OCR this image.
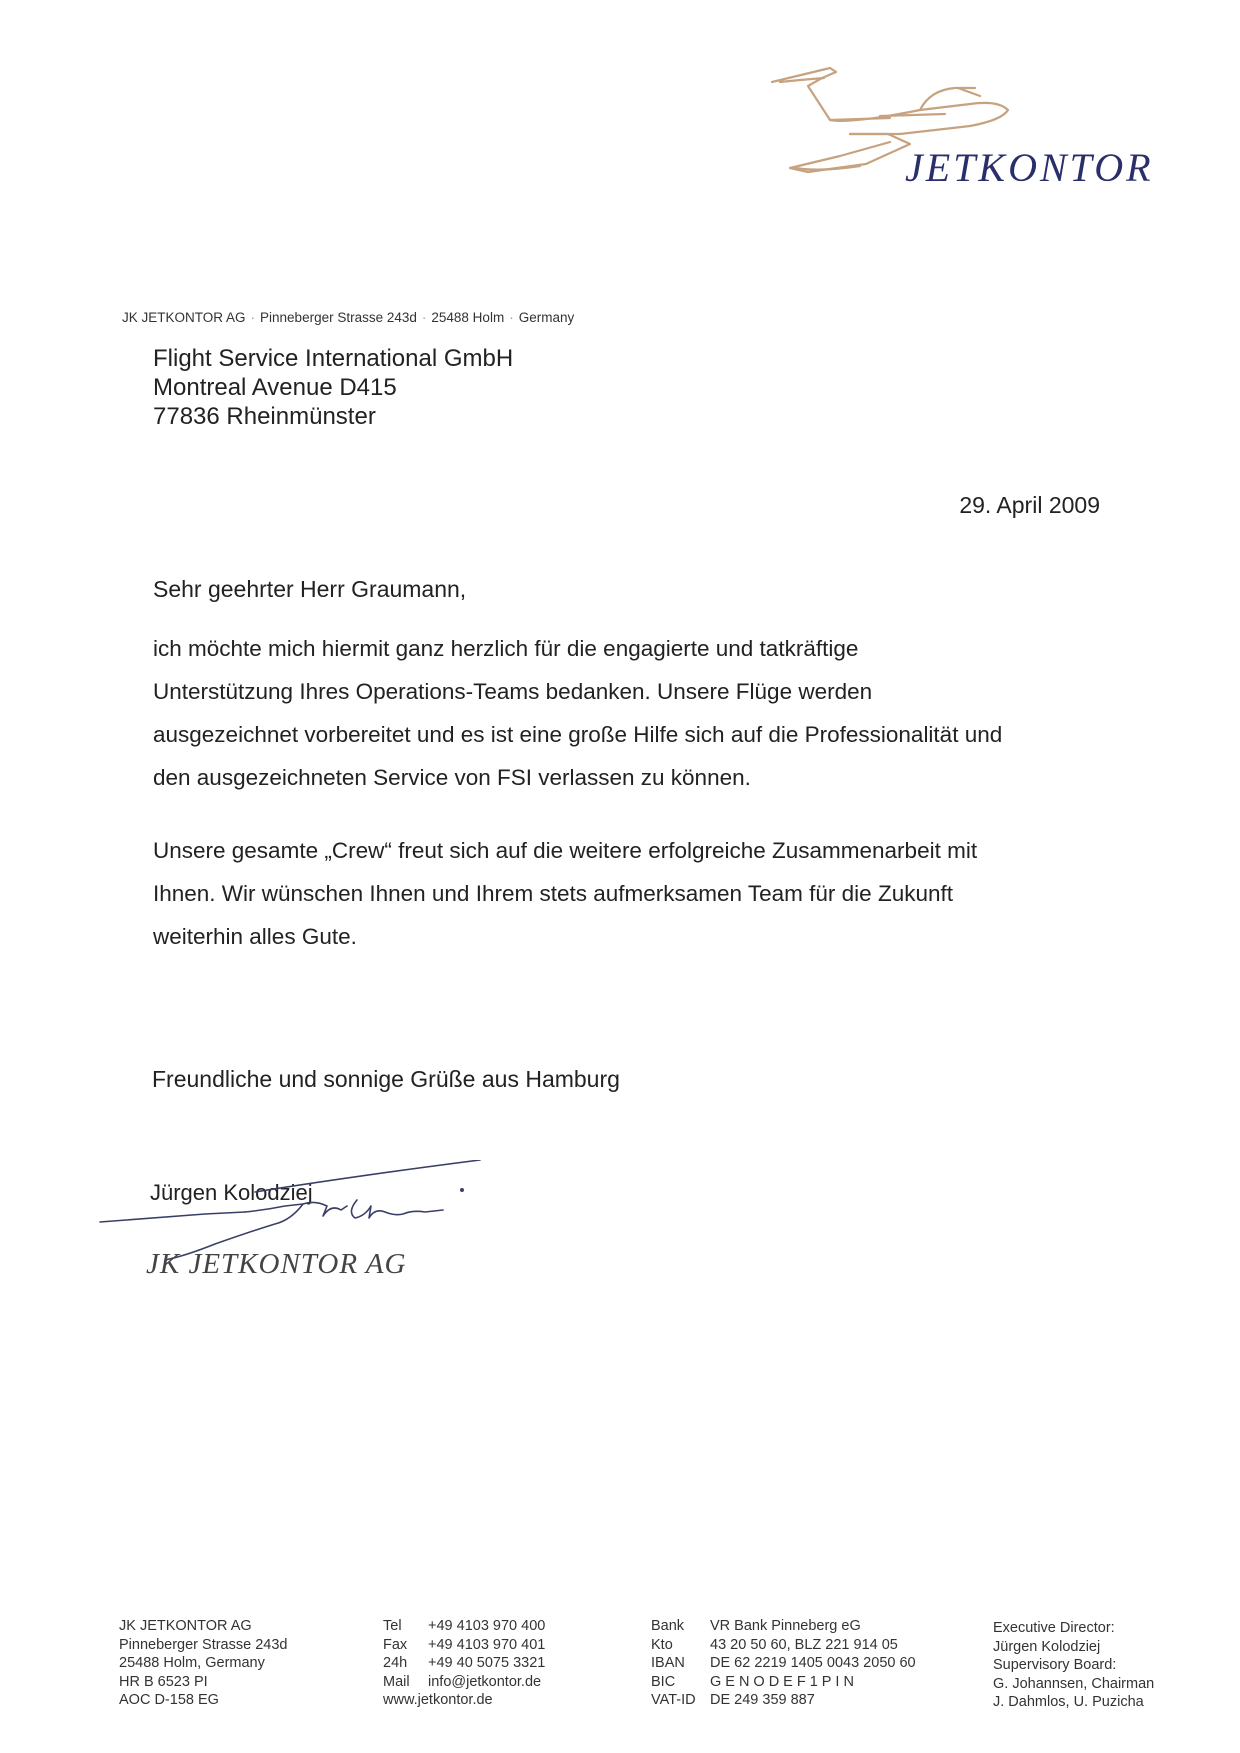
JETKONTOR
JK JETKONTOR AG · Pinneberger Strasse 243d · 25488 Holm · Germany
Flight Service International GmbH
Montreal Avenue D415
77836 Rheinmünster
29. April 2009
Sehr geehrter Herr Graumann,

ich möchte mich hiermit ganz herzlich für die engagierte und tatkräftige
Unterstützung Ihres Operations-Teams bedanken. Unsere Flüge werden
ausgezeichnet vorbereitet und es ist eine große Hilfe sich auf die Professionalität und
den ausgezeichneten Service von FSI verlassen zu können.

Unsere gesamte „Crew“ freut sich auf die weitere erfolgreiche Zusammenarbeit mit
Ihnen. Wir wünschen Ihnen und Ihrem stets aufmerksamen Team für die Zukunft
weiterhin alles Gute.

Freundliche und sonnige Grüße aus Hamburg
Jürgen Kolodziej
JK JETKONTOR AG
JK JETKONTOR AG
Pinneberger Strasse 243d
25488 Holm, Germany
HR B 6523 PI
AOC D-158 EG
Tel	+49 4103 970 400
Fax	+49 4103 970 401
24h	+49 40 5075 3321
Mail	info@jetkontor.de
www.jetkontor.de
Bank	VR Bank Pinneberg eG
Kto	43 20 50 60, BLZ 221 914 05
IBAN	DE 62 2219 1405 0043 2050 60
BIC	GENODEF1PIN
VAT-ID DE 249 359 887
Executive Director:
Jürgen Kolodziej
Supervisory Board:
G. Johannsen, Chairman
J. Dahmlos, U. Puzicha
